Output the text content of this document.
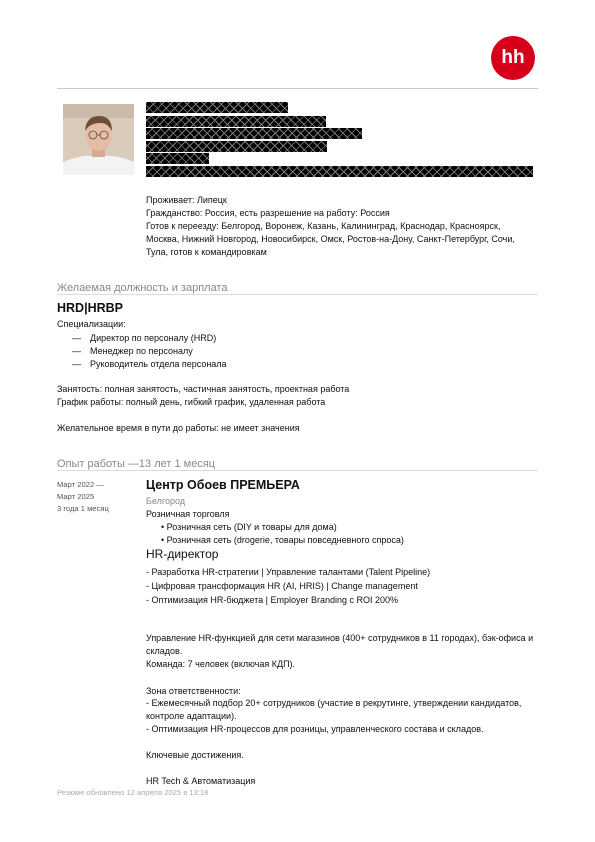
hh
Проживает: Липецк
Гражданство: Россия, есть разрешение на работу: Россия
Готов к переезду: Белгород, Воронеж, Казань, Калининград, Краснодар, Красноярск,
Москва, Нижний Новгород, Новосибирск, Омск, Ростов-на-Дону, Санкт-Петербург, Сочи,
Тула, готов к командировкам
Желаемая должность и зарплата
HRD|HRBP
Специализации:
— Директор по персоналу (HRD)
— Менеджер по персоналу
— Руководитель отдела персонала
Занятость: полная занятость, частичная занятость, проектная работа
График работы: полный день, гибкий график, удаленная работа
Желательное время в пути до работы: не имеет значения
Опыт работы —13 лет 1 месяц
Март 2022 —
Март 2025
3 года 1 месяц
Центр Обоев ПРЕМЬЕРА
Белгород
Розничная торговля
• Розничная сеть (DIY и товары для дома)
• Розничная сеть (drogerie, товары повседневного спроса)
HR-директор
- Разработка HR-стратегии | Управление талантами (Talent Pipeline)
- Цифровая трансформация HR (AI, HRIS) | Change management
- Оптимизация HR-бюджета | Employer Branding с ROI 200%
Управление HR-функцией для сети магазинов (400+ сотрудников в 11 городах), бэк-офиса и
складов.
Команда: 7 человек (включая КДП).
Зона ответственности:
- Ежемесячный подбор 20+ сотрудников (участие в рекрутинге, утверждении кандидатов,
контроле адаптации).
- Оптимизация HR-процессов для розницы, управленческого состава и складов.
Ключевые достижения.
HR Tech & Автоматизация
Резюме обновлено 12 апреля 2025 в 13:18
